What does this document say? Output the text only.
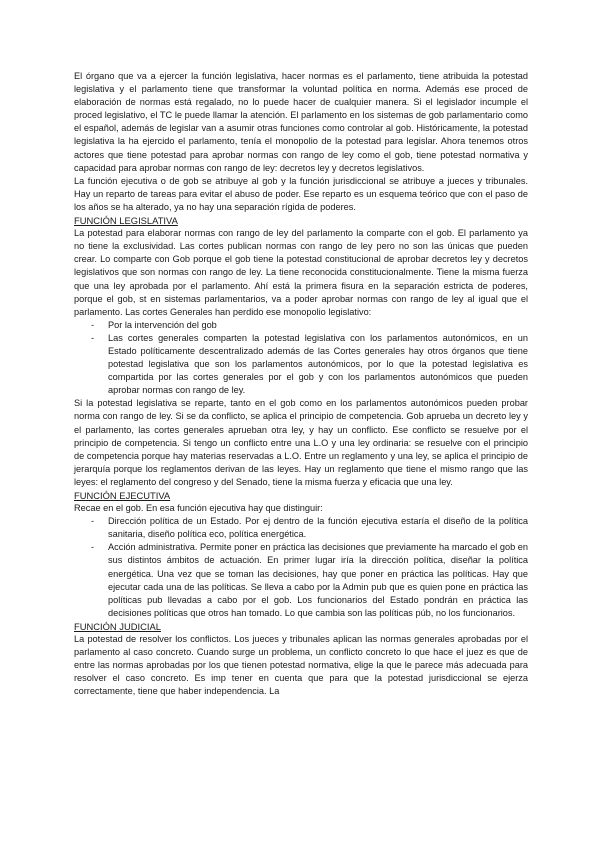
El órgano que va a ejercer la función legislativa, hacer normas es el parlamento, tiene atribuida la potestad legislativa y el parlamento tiene que transformar la voluntad política en norma. Además ese proced de elaboración de normas está regalado, no lo puede hacer de cualquier manera. Si el legislador incumple el proced legislativo, el TC le puede llamar la atención. El parlamento en los sistemas de gob parlamentario como el español, además de legislar van a asumir otras funciones como controlar al gob. Históricamente, la potestad legislativa la ha ejercido el parlamento, tenía el monopolio de la potestad para legislar. Ahora tenemos otros actores que tiene potestad para aprobar normas con rango de ley como el gob, tiene potestad normativa y capacidad para aprobar normas con rango de ley: decretos ley y decretos legislativos.

La función ejecutiva o de gob se atribuye al gob y la función jurisdiccional se atribuye a jueces y tribunales. Hay un reparto de tareas para evitar el abuso de poder. Ese reparto es un esquema teórico que con el paso de los años se ha alterado, ya no hay una separación rígida de poderes.

FUNCIÓN LEGISLATIVA

La potestad para elaborar normas con rango de ley del parlamento la comparte con el gob. El parlamento ya no tiene la exclusividad. Las cortes publican normas con rango de ley pero no son las únicas que pueden crear. Lo comparte con Gob porque el gob tiene la potestad constitucional de aprobar decretos ley y decretos legislativos que son normas con rango de ley. La tiene reconocida constitucionalmente. Tiene la misma fuerza que una ley aprobada por el parlamento. Ahí está la primera fisura en la separación estricta de poderes, porque el gob, st en sistemas parlamentarios, va a poder aprobar normas con rango de ley al igual que el parlamento. Las cortes Generales han perdido ese monopolio legislativo:

- Por la intervención del gob
- Las cortes generales comparten la potestad legislativa con los parlamentos autonómicos, en un Estado políticamente descentralizado además de las Cortes generales hay otros órganos que tiene potestad legislativa que son los parlamentos autonómicos, por lo que la potestad legislativa es compartida por las cortes generales por el gob y con los parlamentos autonómicos que pueden aprobar normas con rango de ley.

Si la potestad legislativa se reparte, tanto en el gob como en los parlamentos autonómicos pueden probar norma con rango de ley. Si se da conflicto, se aplica el principio de competencia. Gob aprueba un decreto ley y el parlamento, las cortes generales aprueban otra ley, y hay un conflicto. Ese conflicto se resuelve por el principio de competencia. Si tengo un conflicto entre una L.O y una ley ordinaria: se resuelve con el principio de competencia porque hay materias reservadas a L.O. Entre un reglamento y una ley, se aplica el principio de jerarquía porque los reglamentos derivan de las leyes. Hay un reglamento que tiene el mismo rango que las leyes: el reglamento del congreso y del Senado, tiene la misma fuerza y eficacia que una ley.

FUNCIÓN EJECUTIVA

Recae en el gob. En esa función ejecutiva hay que distinguir:

- Dirección política de un Estado. Por ej dentro de la función ejecutiva estaría el diseño de la política sanitaria, diseño política eco, política energética.
- Acción administrativa. Permite poner en práctica las decisiones que previamente ha marcado el gob en sus distintos ámbitos de actuación. En primer lugar iría la dirección política, diseñar la política energética. Una vez que se toman las decisiones, hay que poner en práctica las políticas. Hay que ejecutar cada una de las políticas. Se lleva a cabo por la Admin pub que es quien pone en práctica las políticas pub llevadas a cabo por el gob. Los funcionarios del Estado pondrán en práctica las decisiones políticas que otros han tomado. Lo que cambia son las políticas púb, no los funcionarios.
FUNCIÓN JUDICIAL

La potestad de resolver los conflictos. Los jueces y tribunales aplican las normas generales aprobadas por el parlamento al caso concreto. Cuando surge un problema, un conflicto concreto lo que hace el juez es que de entre las normas aprobadas por los que tienen potestad normativa, elige la que le parece más adecuada para resolver el caso concreto. Es imp tener en cuenta que para que la potestad jurisdiccional se ejerza correctamente, tiene que haber independencia. La
